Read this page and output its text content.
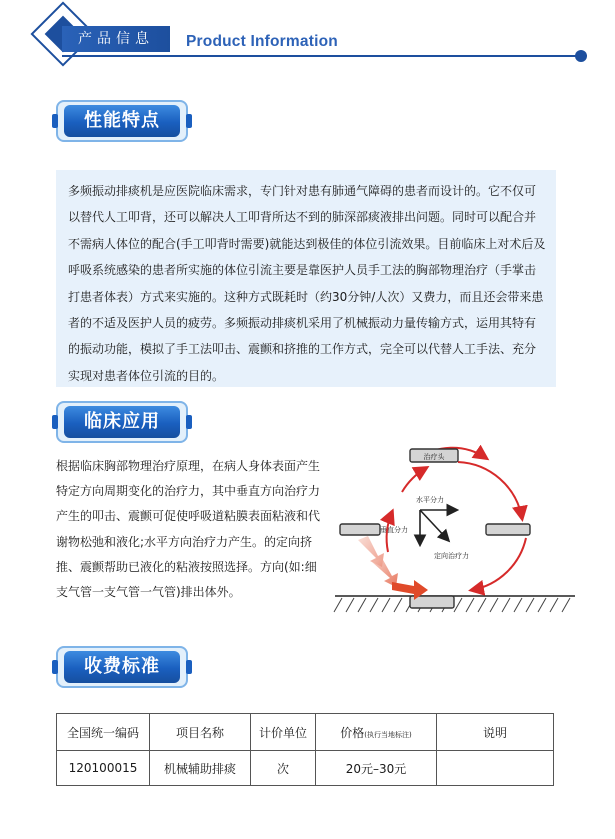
产品信息	Product Information
性能特点
多频振动排痰机是应医院临床需求，专门针对患有肺通气障碍的患者而设计的。它不仅可以替代人工叩背，还可以解决人工叩背所达不到的肺深部痰液排出问题。同时可以配合并不需病人体位的配合(手工叩背时需要)就能达到极佳的体位引流效果。目前临床上对术后及呼吸系统感染的患者所实施的体位引流主要是靠医护人员手工法的胸部物理治疗（手掌击打患者体表）方式来实施的。这种方式既耗时（约30分钟/人次）又费力，而且还会带来患者的不适及医护人员的疲劳。多频振动排痰机采用了机械振动力量传输方式，运用其特有的振动功能，模拟了手工法叩击、震颤和挤推的工作方式，完全可以代替人工手法、充分实现对患者体位引流的目的。
临床应用
根据临床胸部物理治疗原理，在病人身体表面产生特定方向周期变化的治疗力，其中垂直方向治疗力产生的叩击、震颤可促使呼吸道粘膜表面粘液和代谢物松弛和液化;水平方向治疗力产生。的定向挤推、震颤帮助已液化的粘液按照选择。方向(如:细支气管一支气管一气管)排出体外。
治疗头
水平分力
垂直分力
定向治疗力
收费标准
全国统一编码	项目名称	计价单位	价格(执行当地标注)	说明
120100015	机械辅助排痰	次	20元–30元	
